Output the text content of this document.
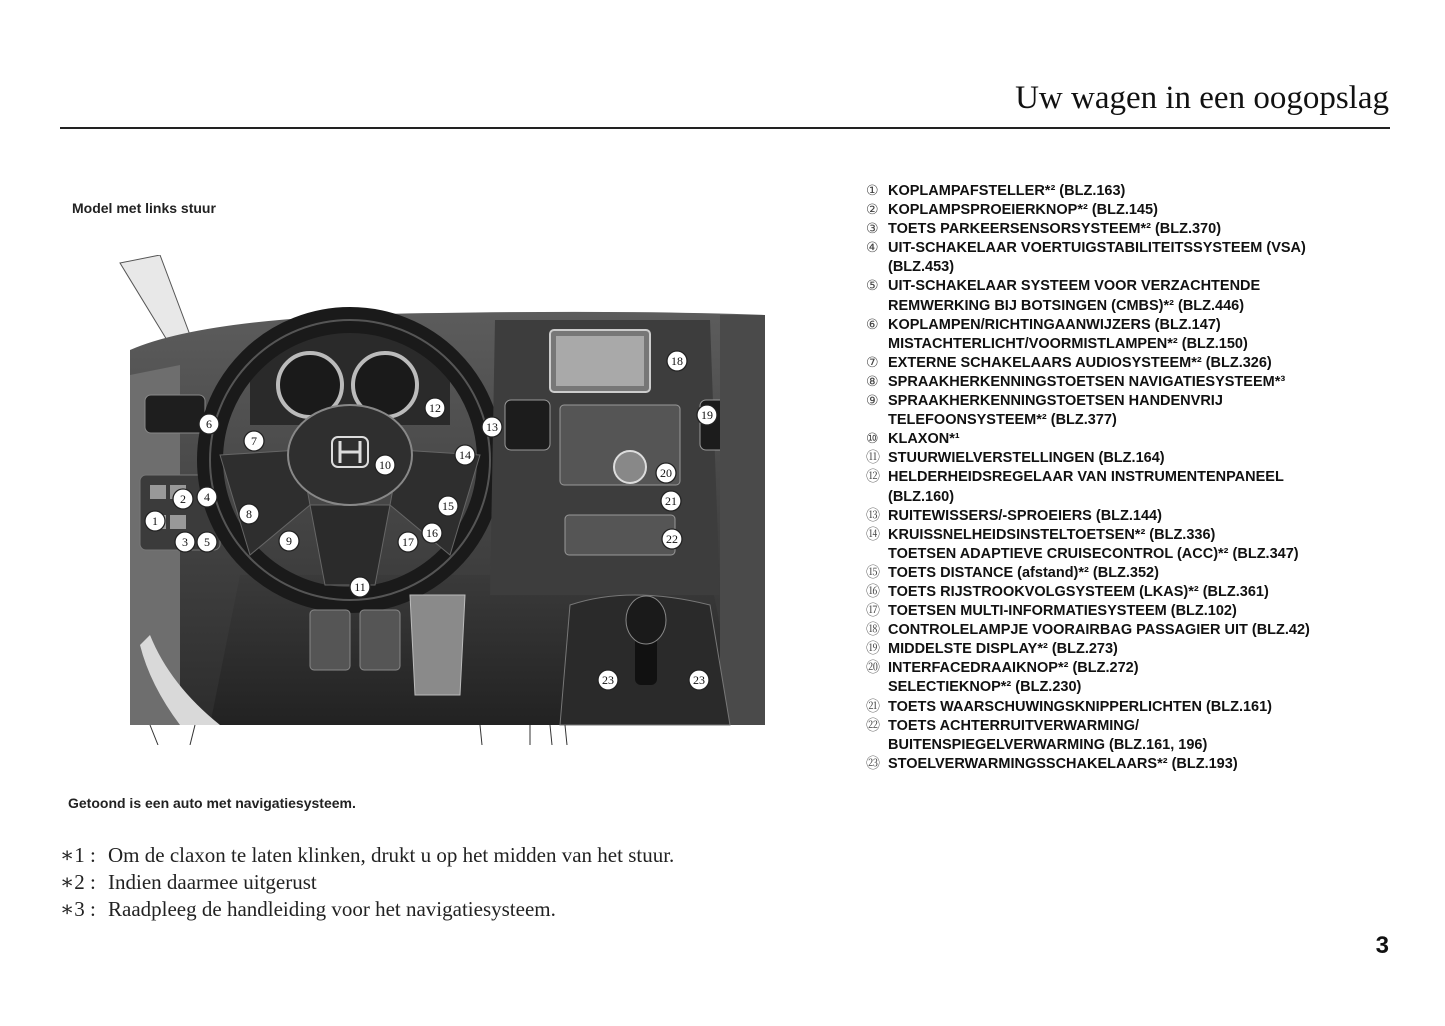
Uw wagen in een oogopslag
Model met links stuur
1
2
3
4
5
6
7
8
9
10
11
12
13
14
15
16
17
18
19
20
21
22
23	23
Getoond is een auto met navigatiesysteem.
① KOPLAMPAFSTELLER*² (BLZ.163)
② KOPLAMPSPROEIERKNOP*² (BLZ.145)
③ TOETS PARKEERSENSORSYSTEEM*² (BLZ.370)
④ UIT-SCHAKELAAR VOERTUIGSTABILITEITSSYSTEEM (VSA)
(BLZ.453)
⑤ UIT-SCHAKELAAR SYSTEEM VOOR VERZACHTENDE
REMWERKING BIJ BOTSINGEN (CMBS)*² (BLZ.446)
⑥ KOPLAMPEN/RICHTINGAANWIJZERS (BLZ.147)
MISTACHTERLICHT/VOORMISTLAMPEN*² (BLZ.150)
⑦ EXTERNE SCHAKELAARS AUDIOSYSTEEM*² (BLZ.326)
⑧ SPRAAKHERKENNINGSTOETSEN NAVIGATIESYSTEEM*³
⑨ SPRAAKHERKENNINGSTOETSEN HANDENVRIJ
TELEFOONSYSTEEM*² (BLZ.377)
⑩ KLAXON*¹
⑪ STUURWIELVERSTELLINGEN (BLZ.164)
⑫ HELDERHEIDSREGELAAR VAN INSTRUMENTENPANEEL
(BLZ.160)
⑬ RUITEWISSERS/-SPROEIERS (BLZ.144)
⑭ KRUISSNELHEIDSINSTELTOETSEN*² (BLZ.336)
TOETSEN ADAPTIEVE CRUISECONTROL (ACC)*² (BLZ.347)
⑮ TOETS DISTANCE (afstand)*² (BLZ.352)
⑯ TOETS RIJSTROOKVOLGSYSTEEM (LKAS)*² (BLZ.361)
⑰ TOETSEN MULTI-INFORMATIESYSTEEM (BLZ.102)
⑱ CONTROLELAMPJE VOORAIRBAG PASSAGIER UIT (BLZ.42)
⑲ MIDDELSTE DISPLAY*² (BLZ.273)
⑳ INTERFACEDRAAIKNOP*² (BLZ.272)
SELECTIEKNOP*² (BLZ.230)
㉑ TOETS WAARSCHUWINGSKNIPPERLICHTEN (BLZ.161)
㉒ TOETS ACHTERRUITVERWARMING/
BUITENSPIEGELVERWARMING (BLZ.161, 196)
㉓ STOELVERWARMINGSSCHAKELAARS*² (BLZ.193)
∗1 : Om de claxon te laten klinken, drukt u op het midden van het stuur.
∗2 : Indien daarmee uitgerust
∗3 : Raadpleeg de handleiding voor het navigatiesysteem.
3
